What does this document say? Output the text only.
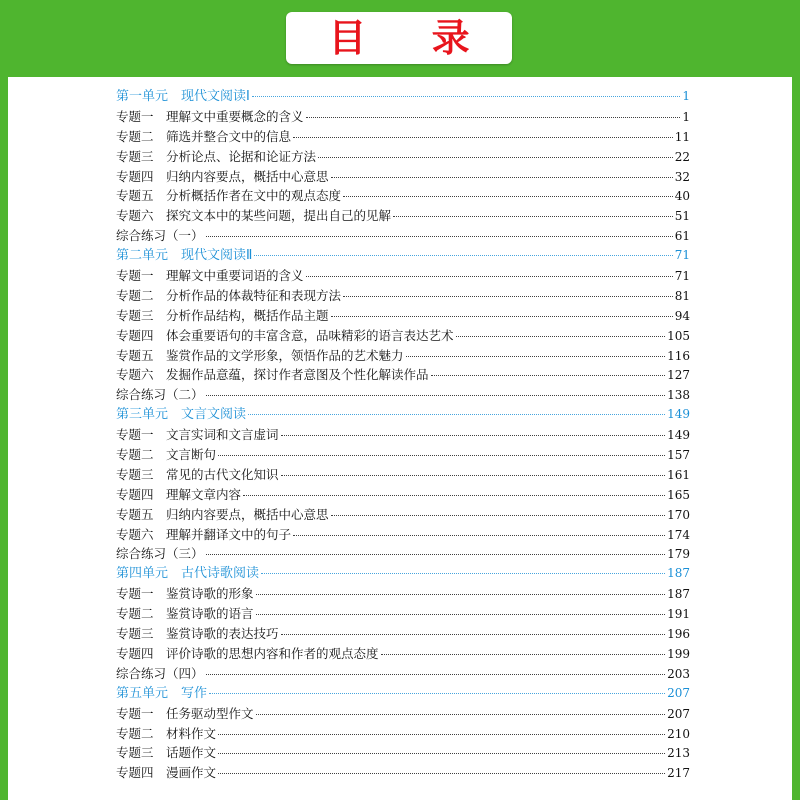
目 录
第一单元　现代文阅读Ⅰ	1
专题一　理解文中重要概念的含义	1
专题二　筛选并整合文中的信息	11
专题三　分析论点、论据和论证方法	22
专题四　归纳内容要点，概括中心意思	32
专题五　分析概括作者在文中的观点态度	40
专题六　探究文本中的某些问题，提出自己的见解	51
综合练习（一）	61
第二单元　现代文阅读Ⅱ	71
专题一　理解文中重要词语的含义	71
专题二　分析作品的体裁特征和表现方法	81
专题三　分析作品结构，概括作品主题	94
专题四　体会重要语句的丰富含意，品味精彩的语言表达艺术	105
专题五　鉴赏作品的文学形象，领悟作品的艺术魅力	116
专题六　发掘作品意蕴，探讨作者意图及个性化解读作品	127
综合练习（二）	138
第三单元　文言文阅读	149
专题一　文言实词和文言虚词	149
专题二　文言断句	157
专题三　常见的古代文化知识	161
专题四　理解文章内容	165
专题五　归纳内容要点，概括中心意思	170
专题六　理解并翻译文中的句子	174
综合练习（三）	179
第四单元　古代诗歌阅读	187
专题一　鉴赏诗歌的形象	187
专题二　鉴赏诗歌的语言	191
专题三　鉴赏诗歌的表达技巧	196
专题四　评价诗歌的思想内容和作者的观点态度	199
综合练习（四）	203
第五单元　写作	207
专题一　任务驱动型作文	207
专题二　材料作文	210
专题三　话题作文	213
专题四　漫画作文	217
